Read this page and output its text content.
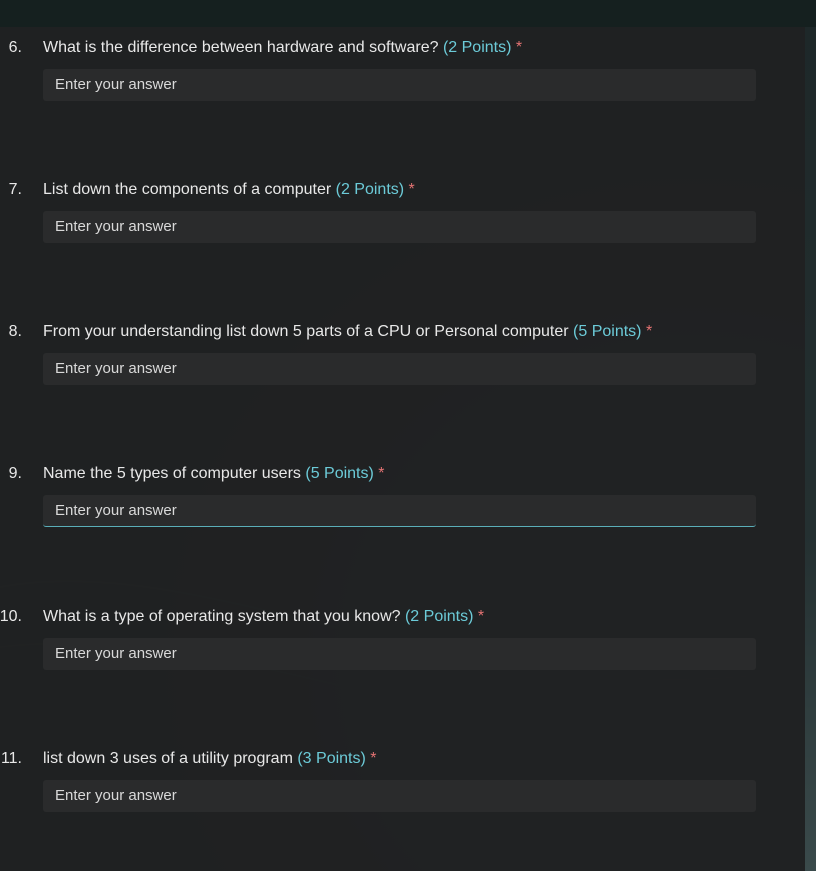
6. What is the difference between hardware and software? (2 Points) *
Enter your answer
7. List down the components of a computer (2 Points) *
Enter your answer
8. From your understanding list down 5 parts of a CPU or Personal computer (5 Points) *
Enter your answer
9. Name the 5 types of computer users (5 Points) *
Enter your answer
10. What is a type of operating system that you know? (2 Points) *
Enter your answer
11. list down 3 uses of a utility program (3 Points) *
Enter your answer
